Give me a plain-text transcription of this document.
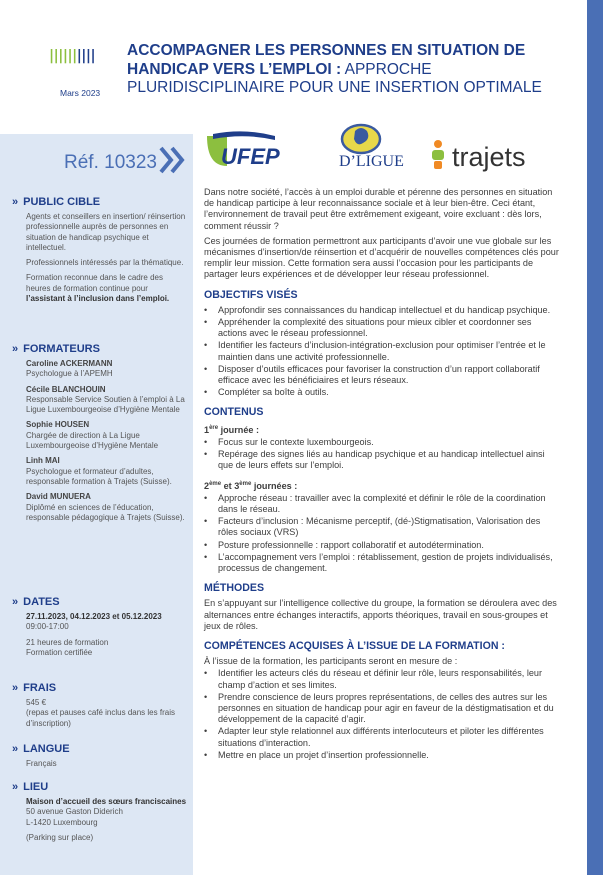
||||||||||
Mars 2023
ACCOMPAGNER LES PERSONNES EN SITUATION DE HANDICAP VERS L’EMPLOI : APPROCHE PLURIDISCIPLINAIRE POUR UNE INSERTION OPTIMALE
Réf. 10323
» PUBLIC CIBLE

Agents et conseillers en insertion/ réinsertion professionnelle auprès de personnes en situation de handicap psychique et intellectuel.

Professionnels intéressés par la thématique.

Formation reconnue dans le cadre des heures de formation continue pour l’assistant à l’inclusion dans l’emploi.

» FORMATEURS

Caroline ACKERMANN
Psychologue à l’APEMH

Cécile BLANCHOUIN
Responsable Service Soutien à l’emploi à La Ligue Luxembourgeoise d’Hygiène Mentale

Sophie HOUSEN
Chargée de direction à La Ligue Luxembourgeoise d’Hygiène Mentale

Linh MAI
Psychologue et formateur d’adultes, responsable formation à Trajets (Suisse).

David MUNUERA
Diplômé en sciences de l’éducation, responsable pédagogique à Trajets (Suisse).

» DATES

27.11.2023, 04.12.2023 et 05.12.2023
09:00-17:00

21 heures de formation
Formation certifiée

» FRAIS

545 €
(repas et pauses café inclus dans les frais d’inscription)

» LANGUE

Français

» LIEU

Maison d’accueil des sœurs franciscaines
50 avenue Gaston Diderich
L-1420 Luxembourg

(Parking sur place)

UFEP	D’LIGUE trajets

Dans notre société, l’accès à un emploi durable et pérenne des personnes en situation de handicap participe à leur reconnaissance sociale et à leur bien-être. Ceci étant, l’environnement de travail peut être extrêmement exigeant, voire excluant : dès lors, comment réussir ?

Ces journées de formation permettront aux participants d’avoir une vue globale sur les mécanismes d’insertion/de réinsertion et d’acquérir de nouvelles compétences clés pour remplir leur mission. Cette formation sera aussi l’occasion pour les participants de partager leurs expériences et de développer leur réseau professionnel.

OBJECTIFS VISÉS
• Approfondir ses connaissances du handicap intellectuel et du handicap psychique.
• Appréhender la complexité des situations pour mieux cibler et coordonner ses actions avec le réseau professionnel.
• Identifier les facteurs d’inclusion-intégration-exclusion pour optimiser l’entrée et le maintien dans une activité professionnelle.
• Disposer d’outils efficaces pour favoriser la construction d’un rapport collaboratif efficace avec les bénéficiaires et leurs réseaux.
• Compléter sa boîte à outils.
CONTENUS
1ère journée :
• Focus sur le contexte luxembourgeois.
• Repérage des signes liés au handicap psychique et au handicap intellectuel ainsi que de leurs effets sur l’emploi.
2ème et 3ème journées :
• Approche réseau : travailler avec la complexité et définir le rôle de la coordination dans le réseau.
• Facteurs d’inclusion : Mécanisme perceptif, (dé-)Stigmatisation, Valorisation des rôles sociaux (VRS)
• Posture professionnelle : rapport collaboratif et autodétermination.
• L’accompagnement vers l’emploi : rétablissement, gestion de projets individualisés, processus de changement.
MÉTHODES

En s’appuyant sur l’intelligence collective du groupe, la formation se déroulera avec des alternances entre échanges interactifs, apports théoriques, travail en sous-groupes et jeux de rôles.

COMPÉTENCES ACQUISES À L’ISSUE DE LA FORMATION :

À l’issue de la formation, les participants seront en mesure de :

• Identifier les acteurs clés du réseau et définir leur rôle, leurs responsabilités, leur champ d’action et ses limites.
• Prendre conscience de leurs propres représentations, de celles des autres sur les personnes en situation de handicap pour agir en faveur de la déstigmatisation et du développement de la capacité d’agir.
• Adapter leur style relationnel aux différents interlocuteurs et piloter les différentes situations d’interaction.
• Mettre en place un projet d’insertion professionnelle.
